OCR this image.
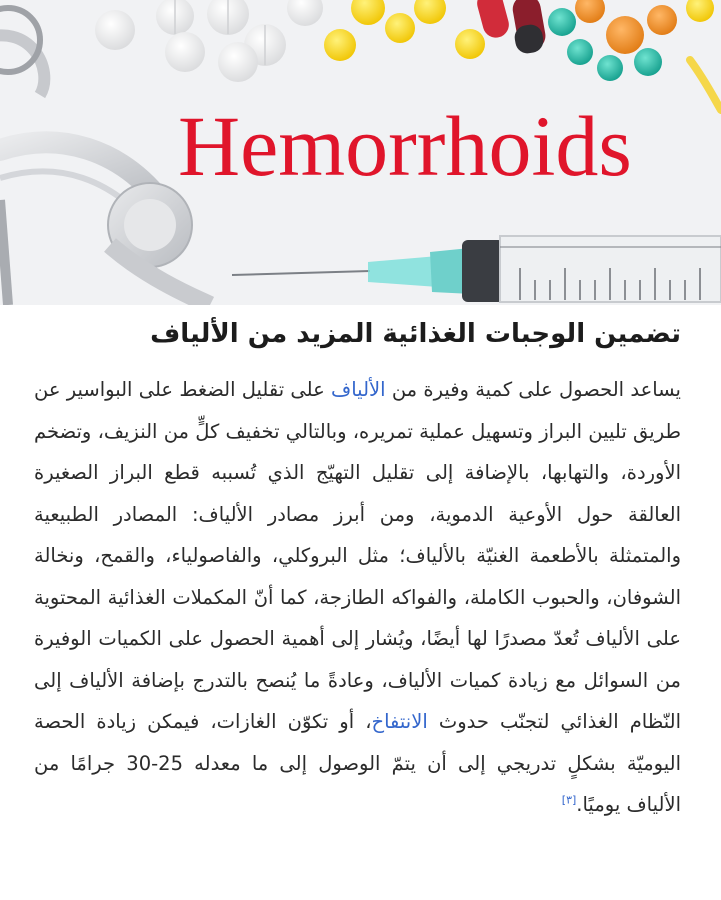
Hemorrhoids
تضمين الوجبات الغذائية المزيد من الألياف

يساعد الحصول على كمية وفيرة من الألياف على تقليل الضغط على البواسير عن طريق تليين البراز وتسهيل عملية تمريره، وبالتالي تخفيف كلٍّ من النزيف، وتضخم الأوردة، والتهابها، بالإضافة إلى تقليل التهيّج الذي تُسببه قطع البراز الصغيرة العالقة حول الأوعية الدموية، ومن أبرز مصادر الألياف: المصادر الطبيعية والمتمثلة بالأطعمة الغنيّة بالألياف؛ مثل البروكلي، والفاصولياء، والقمح، ونخالة الشوفان، والحبوب الكاملة، والفواكه الطازجة، كما أنّ المكملات الغذائية المحتوية على الألياف تُعدّ مصدرًا لها أيضًا، ويُشار إلى أهمية الحصول على الكميات الوفيرة من السوائل مع زيادة كميات الألياف، وعادةً ما يُنصح بالتدرج بإضافة الألياف إلى النّظام الغذائي لتجنّب حدوث الانتفاخ، أو تكوّن الغازات، فيمكن زيادة الحصة اليوميّة بشكلٍ تدريجي إلى أن يتمّ الوصول إلى ما معدله 25-30 جرامًا من الألياف يوميًا.[٣]
